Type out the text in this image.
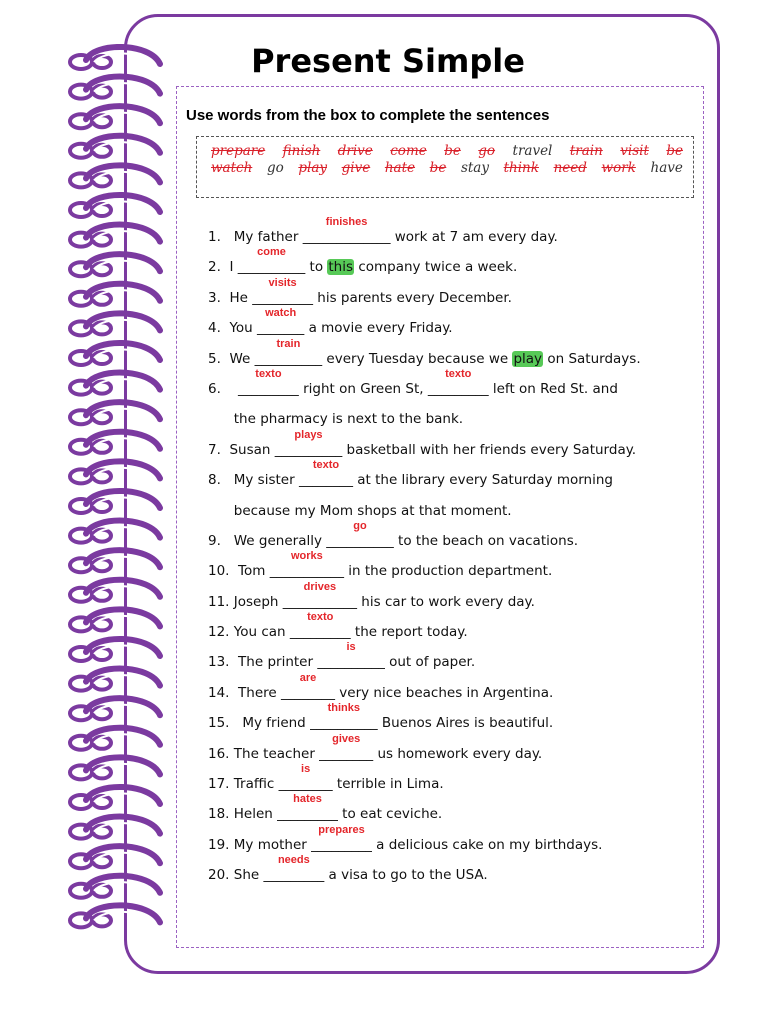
Present Simple

Use words from the box to complete the sentences

prepare finish drive come be go travel train visit be
watch go play give hate be stay think need work have
1.   My father _____________
finishes
work at 7 am every day.
2.  I __________
come
to this company twice a week.
3.  He _________
visits
his parents every December.
4.  You _______
watch
a movie every Friday.
5.  We __________
train
every Tuesday because we play on Saturdays.
6.    _________
texto
right on Green St, _________
texto
left on Red St. and
the pharmacy is next to the bank.
7.  Susan __________
plays
basketball with her friends every Saturday.
8.   My sister ________
texto
at the library every Saturday morning
because my Mom shops at that moment.
9.   We generally __________
go
to the beach on vacations.
10.  Tom ___________
works
in the production department.
11. Joseph ___________
drives
his car to work every day.
12. You can _________
texto
the report today.
13.  The printer __________
is
out of paper.
14.  There ________
are
very nice beaches in Argentina.
15.   My friend __________
thinks
Buenos Aires is beautiful.
16. The teacher ________
gives
us homework every day.
17. Traffic ________
is
terrible in Lima.
18. Helen _________
hates
to eat ceviche.
19. My mother _________
prepares
a delicious cake on my birthdays.
20. She _________
needs
a visa to go to the USA.
